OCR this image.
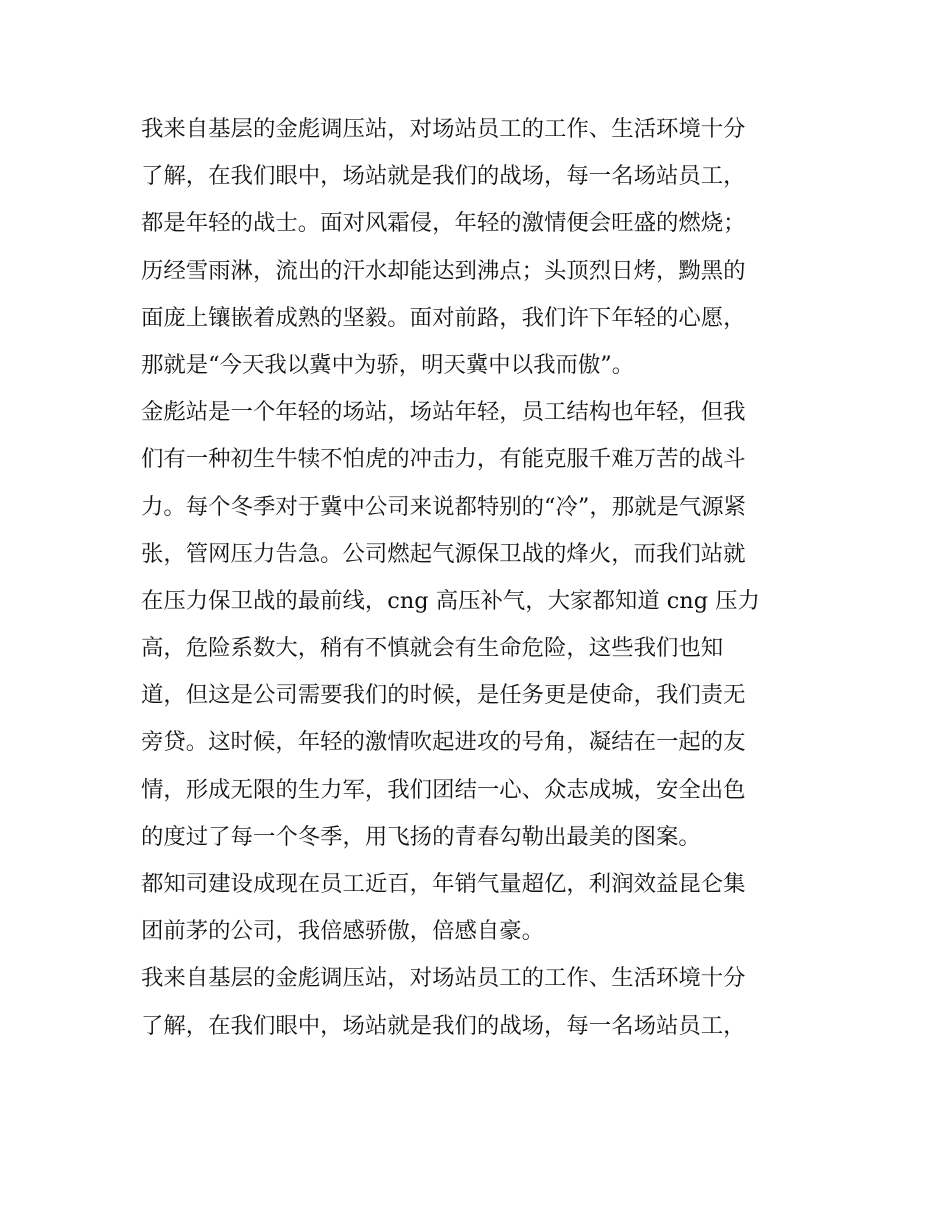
我来自基层的金彪调压站，对场站员工的工作、生活环境十分
了解，在我们眼中，场站就是我们的战场，每一名场站员工，
都是年轻的战士。面对风霜侵，年轻的激情便会旺盛的燃烧；
历经雪雨淋，流出的汗水却能达到沸点；头顶烈日烤，黝黑的
面庞上镶嵌着成熟的坚毅。面对前路，我们许下年轻的心愿，
那就是“今天我以冀中为骄，明天冀中以我而傲”。
金彪站是一个年轻的场站，场站年轻，员工结构也年轻，但我
们有一种初生牛犊不怕虎的冲击力，有能克服千难万苦的战斗
力。每个冬季对于冀中公司来说都特别的“冷”，那就是气源紧
张，管网压力告急。公司燃起气源保卫战的烽火，而我们站就
在压力保卫战的最前线，cng 高压补气，大家都知道 cng 压力
高，危险系数大，稍有不慎就会有生命危险，这些我们也知
道，但这是公司需要我们的时候，是任务更是使命，我们责无
旁贷。这时候，年轻的激情吹起进攻的号角，凝结在一起的友
情，形成无限的生力军，我们团结一心、众志成城，安全出色
的度过了每一个冬季，用飞扬的青春勾勒出最美的图案。
都知司建设成现在员工近百，年销气量超亿，利润效益昆仑集
团前茅的公司，我倍感骄傲，倍感自豪。
我来自基层的金彪调压站，对场站员工的工作、生活环境十分
了解，在我们眼中，场站就是我们的战场，每一名场站员工，
